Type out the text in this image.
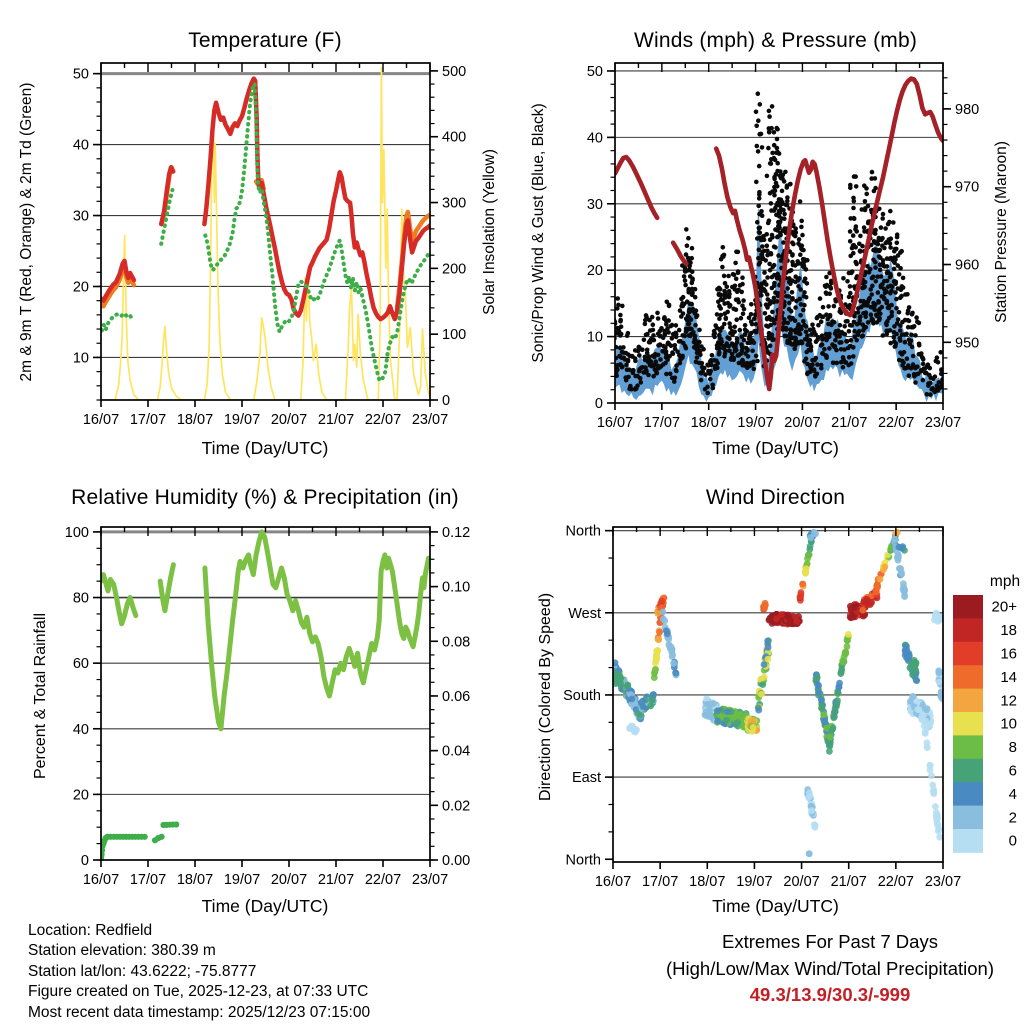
16/07 17/07 18/07 19/07 20/07 21/07 22/07 23/07
10
20
30
40
50
0
100
200
300
400
500
16/07 17/07 18/07 19/07 20/07 21/07 22/07 23/07
0
10
20
30
40
50
950
960
970
980
16/07 17/07 18/07 19/07 20/07 21/07 22/07 23/07
0
20
40
60
80
100
0.00
0.02
0.04
0.06
0.08
0.10
0.12
16/07 17/07 18/07 19/07 20/07 21/07 22/07 23/07
North
West
South
East
North
mph
20+
18
16
14
12
10
8
6
4
2
0
Temperature (F)	Winds (mph) & Pressure (mb)
Relative Humidity (%) & Precipitation (in)	Wind Direction
2m & 9m T (Red, Orange) & 2m Td (Green)	Solar Insolation (Yellow) Sonic/Prop Wind & Gust (Blue, Black)	Station Pressure (Maroon)
Percent & Total Rainfall	Direction (Colored By Speed)
Time (Day/UTC)	Time (Day/UTC)
Time (Day/UTC)	Time (Day/UTC)
Location: Redfield
Station elevation: 380.39 m
Station lat/lon: 43.6222; -75.8777
Figure created on Tue, 2025-12-23, at 07:33 UTC
Most recent data timestamp: 2025/12/23 07:15:00
Extremes For Past 7 Days
(High/Low/Max Wind/Total Precipitation)
49.3/13.9/30.3/-999
